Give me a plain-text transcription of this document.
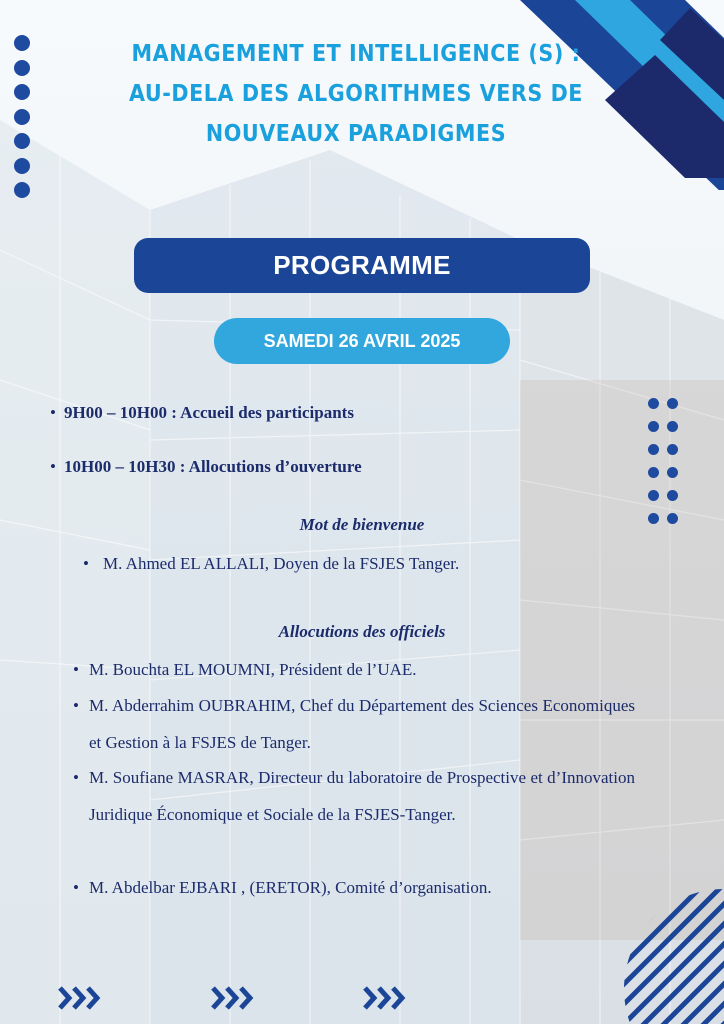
MANAGEMENT ET INTELLIGENCE (S) :
AU-DELA DES ALGORITHMES VERS DE
NOUVEAUX PARADIGMES
PROGRAMME
SAMEDI 26 AVRIL 2025

• 9H00 – 10H00 : Accueil des participants
• 10H00 – 10H30 : Allocutions d’ouverture
Mot de bienvenue
• M. Ahmed EL ALLALI, Doyen de la FSJES Tanger.
Allocutions des officiels
• M. Bouchta EL MOUMNI, Président de l’UAE.
• M. Abderrahim OUBRAHIM, Chef du Département des Sciences Economiques et Gestion à la FSJES de Tanger.
• M. Soufiane MASRAR, Directeur du laboratoire de Prospective et d’Innovation Juridique Économique et Sociale de la FSJES-Tanger.
• M. Abdelbar EJBARI , (ERETOR), Comité d’organisation.
